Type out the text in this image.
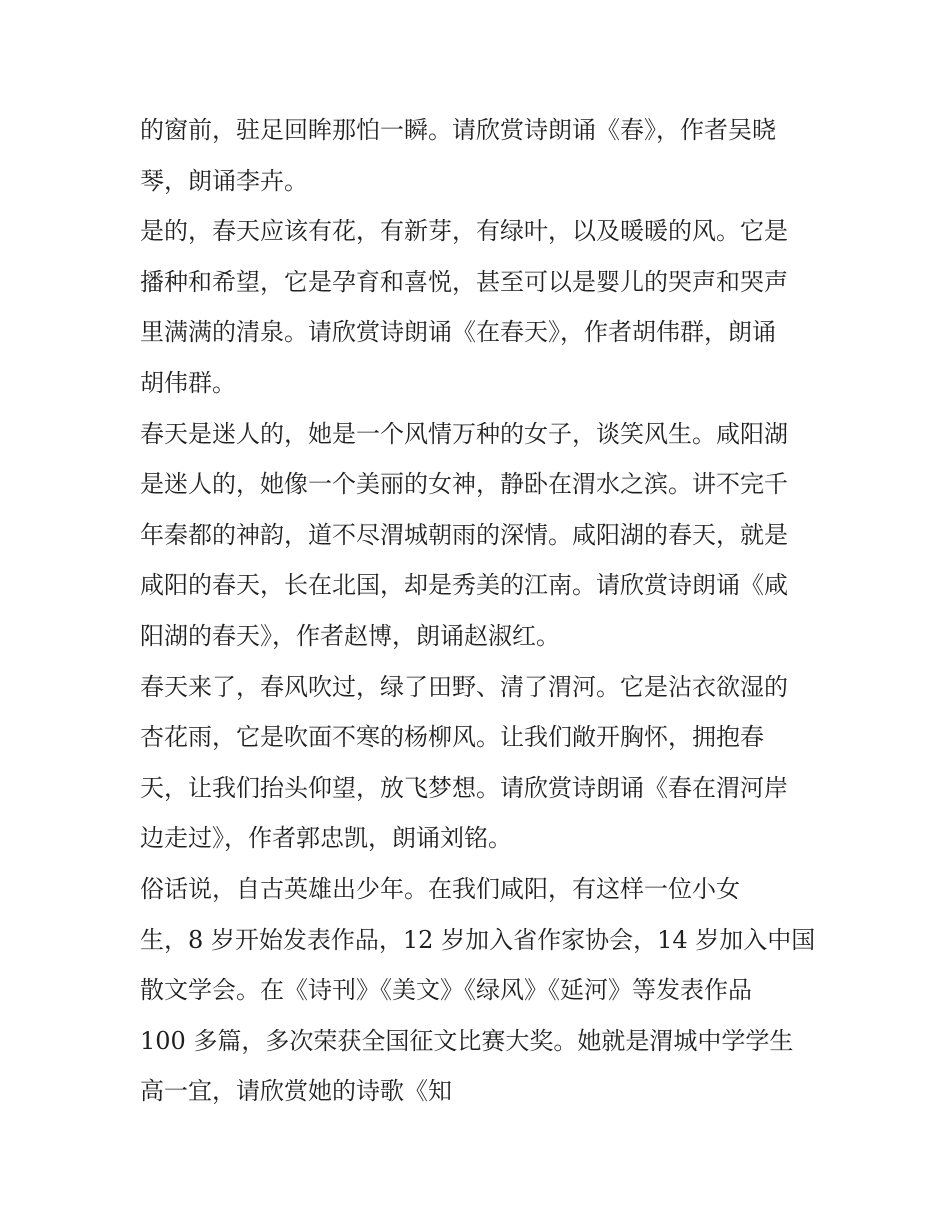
的窗前，驻足回眸那怕一瞬。请欣赏诗朗诵《春》，作者吴晓
琴，朗诵李卉。
是的，春天应该有花，有新芽，有绿叶，以及暖暖的风。它是
播种和希望，它是孕育和喜悦，甚至可以是婴儿的哭声和哭声
里满满的清泉。请欣赏诗朗诵《在春天》，作者胡伟群，朗诵
胡伟群。
春天是迷人的，她是一个风情万种的女子，谈笑风生。咸阳湖
是迷人的，她像一个美丽的女神，静卧在渭水之滨。讲不完千
年秦都的神韵，道不尽渭城朝雨的深情。咸阳湖的春天，就是
咸阳的春天，长在北国，却是秀美的江南。请欣赏诗朗诵《咸
阳湖的春天》，作者赵博，朗诵赵淑红。
春天来了，春风吹过，绿了田野、清了渭河。它是沾衣欲湿的
杏花雨，它是吹面不寒的杨柳风。让我们敞开胸怀，拥抱春
天，让我们抬头仰望，放飞梦想。请欣赏诗朗诵《春在渭河岸
边走过》，作者郭忠凯，朗诵刘铭。
俗话说，自古英雄出少年。在我们咸阳，有这样一位小女
生，8 岁开始发表作品，12 岁加入省作家协会，14 岁加入中国
散文学会。在《诗刊》《美文》《绿风》《延河》等发表作品
100 多篇，多次荣获全国征文比赛大奖。她就是渭城中学学生
高一宜，请欣赏她的诗歌《知
